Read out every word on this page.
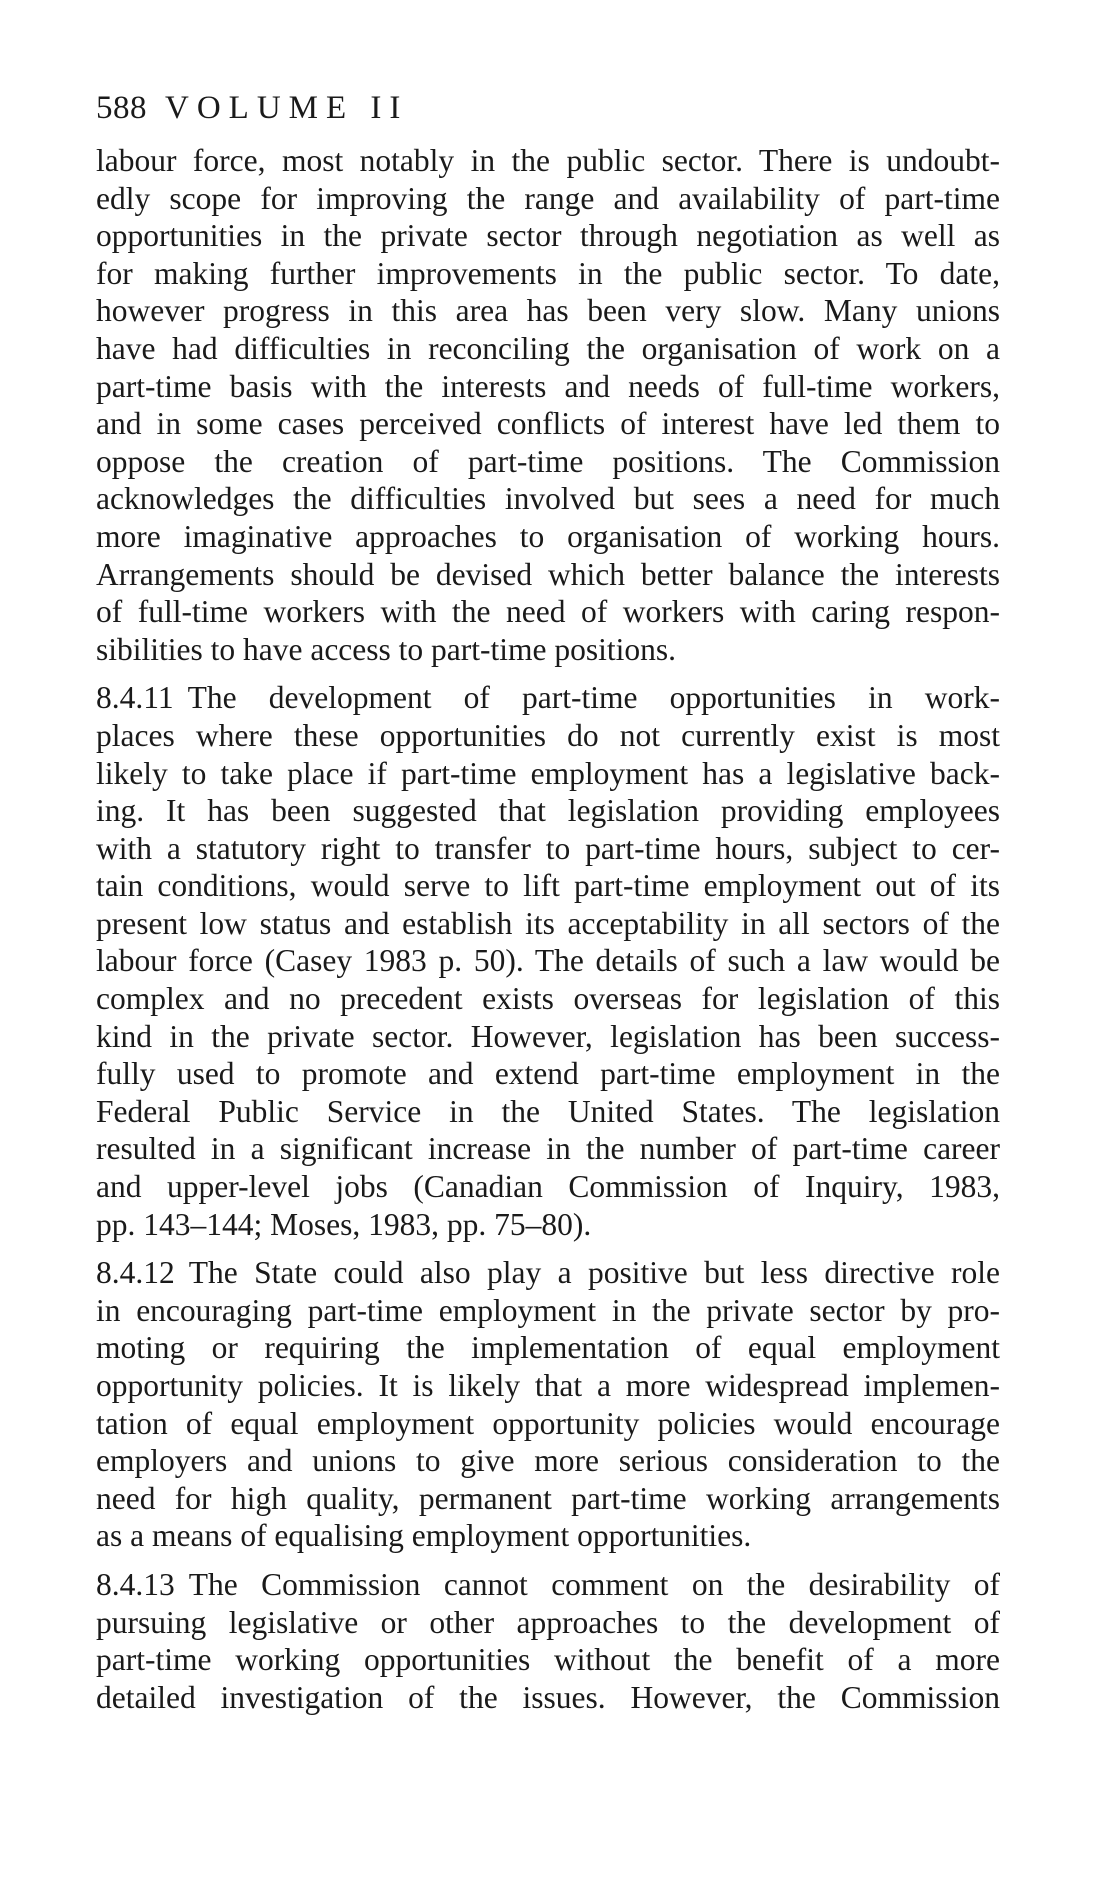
588 VOLUME II
labour force, most notably in the public sector. There is undoubt-
edly scope for improving the range and availability of part-time
opportunities in the private sector through negotiation as well as
for making further improvements in the public sector. To date,
however progress in this area has been very slow. Many unions
have had difficulties in reconciling the organisation of work on a
part-time basis with the interests and needs of full-time workers,
and in some cases perceived conflicts of interest have led them to
oppose the creation of part-time positions. The Commission
acknowledges the difficulties involved but sees a need for much
more imaginative approaches to organisation of working hours.
Arrangements should be devised which better balance the interests
of full-time workers with the need of workers with caring respon-
sibilities to have access to part-time positions.
8.4.11 The development of part-time opportunities in work-
places where these opportunities do not currently exist is most
likely to take place if part-time employment has a legislative back-
ing. It has been suggested that legislation providing employees
with a statutory right to transfer to part-time hours, subject to cer-
tain conditions, would serve to lift part-time employment out of its
present low status and establish its acceptability in all sectors of the
labour force (Casey 1983 p. 50). The details of such a law would be
complex and no precedent exists overseas for legislation of this
kind in the private sector. However, legislation has been success-
fully used to promote and extend part-time employment in the
Federal Public Service in the United States. The legislation
resulted in a significant increase in the number of part-time career
and upper-level jobs (Canadian Commission of Inquiry, 1983,
pp. 143–144; Moses, 1983, pp. 75–80).
8.4.12 The State could also play a positive but less directive role
in encouraging part-time employment in the private sector by pro-
moting or requiring the implementation of equal employment
opportunity policies. It is likely that a more widespread implemen-
tation of equal employment opportunity policies would encourage
employers and unions to give more serious consideration to the
need for high quality, permanent part-time working arrangements
as a means of equalising employment opportunities.
8.4.13 The Commission cannot comment on the desirability of
pursuing legislative or other approaches to the development of
part-time working opportunities without the benefit of a more
detailed investigation of the issues. However, the Commission
